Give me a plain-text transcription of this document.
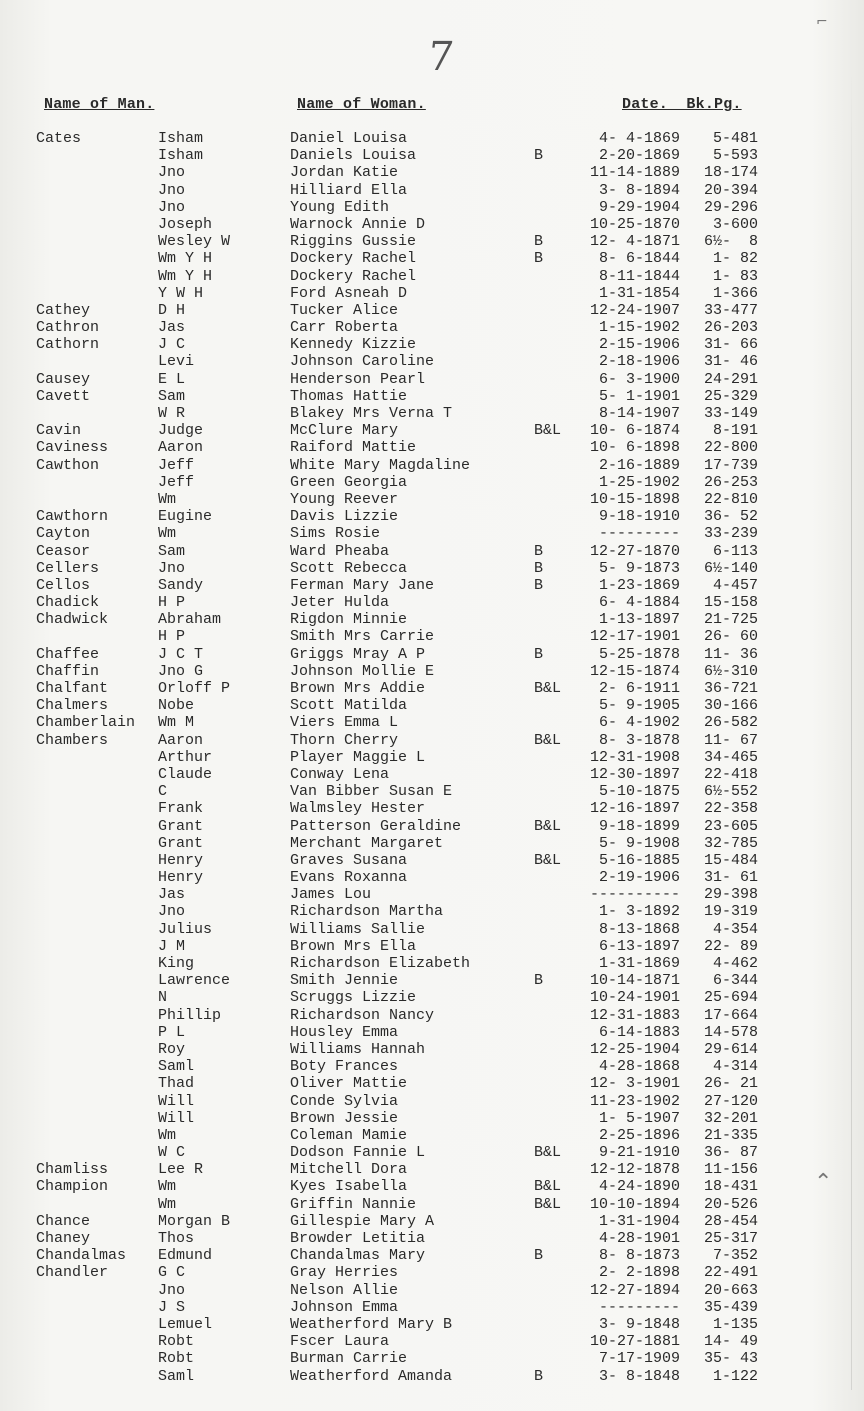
7
Name of Man.	Name of Woman.	Date.  Bk.Pg.
Cates	Isham	Daniel Louisa	4- 4-1869	5-481
Isham	Daniels Louisa	B	2-20-1869	5-593
Jno	Jordan Katie	11-14-1889	18-174
Jno	Hilliard Ella	3- 8-1894	20-394
Jno	Young Edith	9-29-1904	29-296
Joseph	Warnock Annie D	10-25-1870	3-600
Wesley W	Riggins Gussie	B	12- 4-1871	6½-  8
Wm Y H	Dockery Rachel	B	8- 6-1844	1- 82
Wm Y H	Dockery Rachel	8-11-1844	1- 83
Y W H	Ford Asneah D	1-31-1854	1-366
Cathey	D H	Tucker Alice	12-24-1907	33-477
Cathron	Jas	Carr Roberta	1-15-1902	26-203
Cathorn	J C	Kennedy Kizzie	2-15-1906	31- 66
Levi	Johnson Caroline	2-18-1906	31- 46
Causey	E L	Henderson Pearl	6- 3-1900	24-291
Cavett	Sam	Thomas Hattie	5- 1-1901	25-329
W R	Blakey Mrs Verna T	8-14-1907	33-149
Cavin	Judge	McClure Mary	B&L	10- 6-1874	8-191
Caviness	Aaron	Raiford Mattie	10- 6-1898	22-800
Cawthon	Jeff	White Mary Magdaline	2-16-1889	17-739
Jeff	Green Georgia	1-25-1902	26-253
Wm	Young Reever	10-15-1898	22-810
Cawthorn	Eugine	Davis Lizzie	9-18-1910	36- 52
Cayton	Wm	Sims Rosie	---------	33-239
Ceasor	Sam	Ward Pheaba	B	12-27-1870	6-113
Cellers	Jno	Scott Rebecca	B	5- 9-1873	6½-140
Cellos	Sandy	Ferman Mary Jane	B	1-23-1869	4-457
Chadick	H P	Jeter Hulda	6- 4-1884	15-158
Chadwick	Abraham	Rigdon Minnie	1-13-1897	21-725
H P	Smith Mrs Carrie	12-17-1901	26- 60
Chaffee	J C T	Griggs Mray A P	B	5-25-1878	11- 36
Chaffin	Jno G	Johnson Mollie E	12-15-1874	6½-310
Chalfant	Orloff P	Brown Mrs Addie	B&L	2- 6-1911	36-721
Chalmers	Nobe	Scott Matilda	5- 9-1905	30-166
Chamberlain Wm M	Viers Emma L	6- 4-1902	26-582
Chambers	Aaron	Thorn Cherry	B&L	8- 3-1878	11- 67
Arthur	Player Maggie L	12-31-1908	34-465
Claude	Conway Lena	12-30-1897	22-418
C	Van Bibber Susan E	5-10-1875	6½-552
Frank	Walmsley Hester	12-16-1897	22-358
Grant	Patterson Geraldine	B&L	9-18-1899	23-605
Grant	Merchant Margaret	5- 9-1908	32-785
Henry	Graves Susana	B&L	5-16-1885	15-484
Henry	Evans Roxanna	2-19-1906	31- 61
Jas	James Lou	----------	29-398
Jno	Richardson Martha	1- 3-1892	19-319
Julius	Williams Sallie	8-13-1868	4-354
J M	Brown Mrs Ella	6-13-1897	22- 89
King	Richardson Elizabeth	1-31-1869	4-462
Lawrence	Smith Jennie	B	10-14-1871	6-344
N	Scruggs Lizzie	10-24-1901	25-694
Phillip	Richardson Nancy	12-31-1883	17-664
P L	Housley Emma	6-14-1883	14-578
Roy	Williams Hannah	12-25-1904	29-614
Saml	Boty Frances	4-28-1868	4-314
Thad	Oliver Mattie	12- 3-1901	26- 21
Will	Conde Sylvia	11-23-1902	27-120
Will	Brown Jessie	1- 5-1907	32-201
Wm	Coleman Mamie	2-25-1896	21-335
W C	Dodson Fannie L	B&L	9-21-1910	36- 87
Chamliss	Lee R	Mitchell Dora	12-12-1878	11-156
Champion	Wm	Kyes Isabella	B&L	4-24-1890	18-431
Wm	Griffin Nannie	B&L	10-10-1894	20-526
Chance	Morgan B	Gillespie Mary A	1-31-1904	28-454
Chaney	Thos	Browder Letitia	4-28-1901	25-317
Chandalmas Edmund	Chandalmas Mary	B	8- 8-1873	7-352
Chandler	G C	Gray Herries	2- 2-1898	22-491
Jno	Nelson Allie	12-27-1894	20-663
J S	Johnson Emma	---------	35-439
Lemuel	Weatherford Mary B	3- 9-1848	1-135
Robt	Fscer Laura	10-27-1881	14- 49
Robt	Burman Carrie	7-17-1909	35- 43
Saml	Weatherford Amanda	B	3- 8-1848	1-122
⌐
⌃
